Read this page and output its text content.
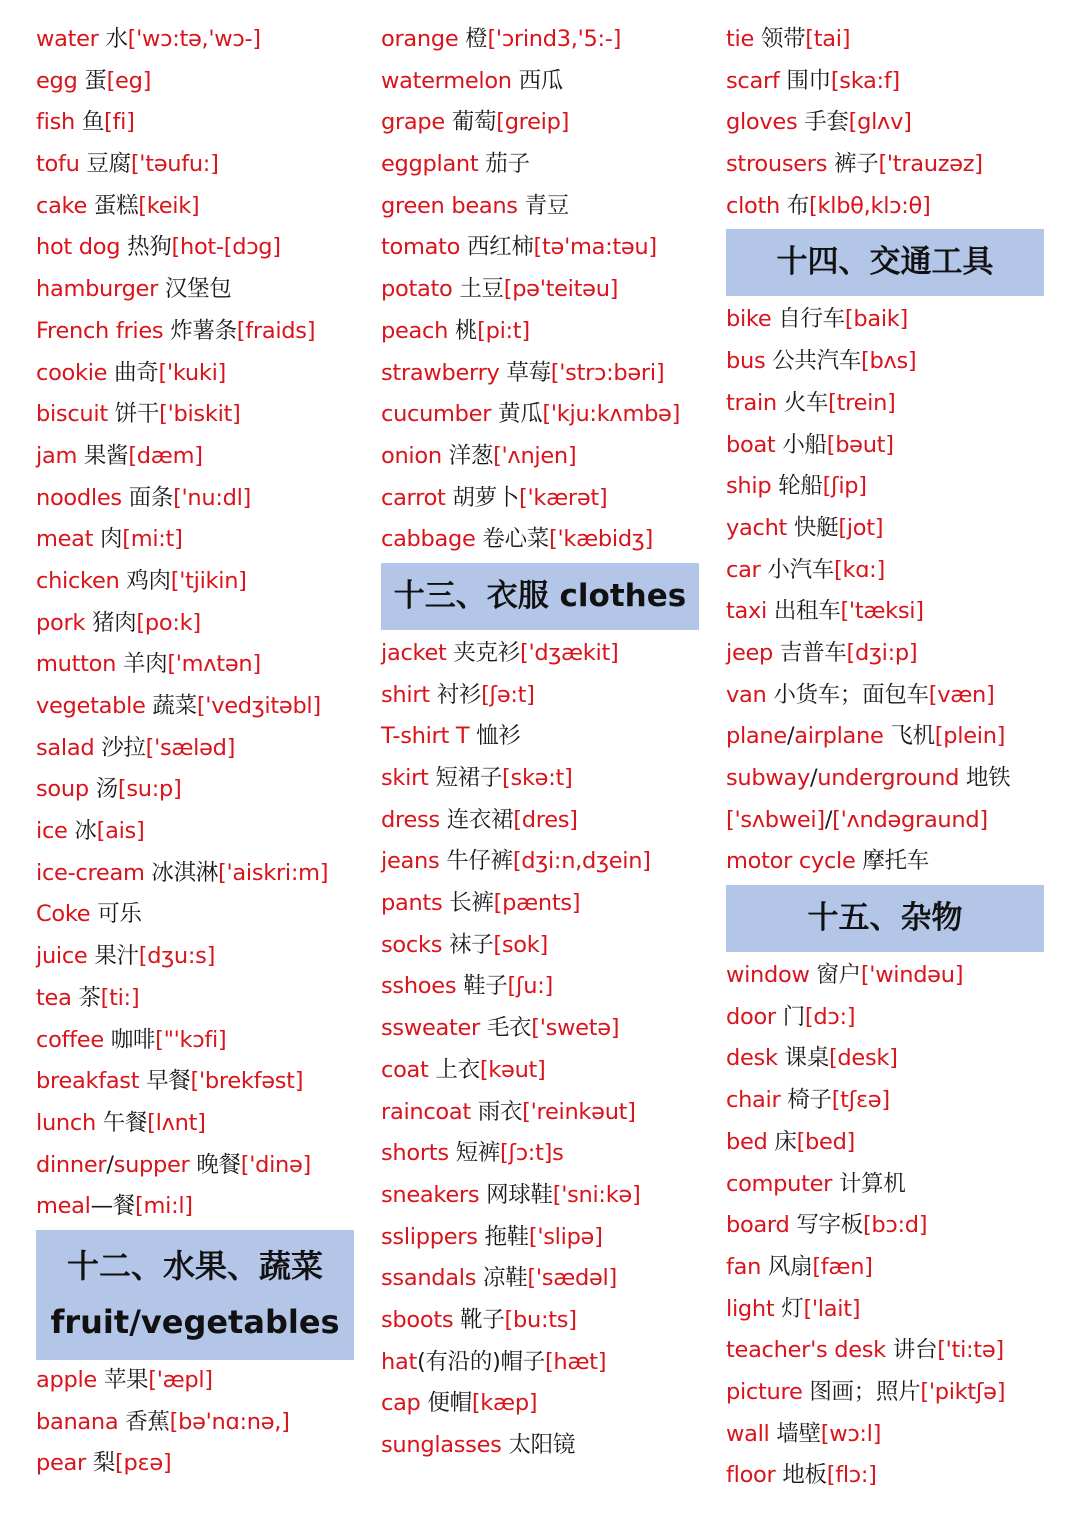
water 水['wɔ:tə,'wɔ-]
egg 蛋[eg]
fish 鱼[fi]
tofu 豆腐['təufu:]
cake 蛋糕[keik]
hot dog 热狗[hot-[dɔg]
hamburger 汉堡包
French fries 炸薯条[fraids]
cookie 曲奇['kuki]
biscuit 饼干['biskit]
jam 果酱[dæm]
noodles 面条['nu:dl]
meat 肉[mi:t]
chicken 鸡肉['tjikin]
pork 猪肉[po:k]
mutton 羊肉['mʌtən]
vegetable 蔬菜['vedʒitəbl]
salad 沙拉['sæləd]
soup 汤[su:p]
ice 冰[ais]
ice-cream 冰淇淋['aiskri:m]
Coke 可乐
juice 果汁[dʒu:s]
tea 茶[ti:]
coffee 咖啡["'kɔfi]
breakfast 早餐['brekfəst]
lunch 午餐[lʌnt]
dinner/supper 晚餐['dinə]
meal—餐[mi:l]
十二、水果、蔬菜
fruit/vegetables
apple 苹果['æpl]
banana 香蕉[bə'nɑ:nə,]
pear 梨[pɛə]
orange 橙['ɔrind3,'5:-]
watermelon 西瓜
grape 葡萄[greip]
eggplant 茄子
green beans 青豆
tomato 西红柿[tə'ma:təu]
potato 土豆[pə'teitəu]
peach 桃[pi:t]
strawberry 草莓['strɔ:bəri]
cucumber 黄瓜['kju:kʌmbə]
onion 洋葱['ʌnjen]
carrot 胡萝卜['kærət]
cabbage 卷心菜['kæbidʒ]
十三、衣服 clothes
jacket 夹克衫['dʒækit]
shirt 衬衫[ʃə:t]
T-shirt T 恤衫
skirt 短裙子[skə:t]
dress 连衣裙[dres]
jeans 牛仔裤[dʒi:n,dʒein]
pants 长裤[pænts]
socks 袜子[sok]
sshoes 鞋子[ʃu:]
ssweater 毛衣['swetə]
coat 上衣[kəut]
raincoat 雨衣['reinkəut]
shorts 短裤[ʃɔ:t]s
sneakers 网球鞋['sni:kə]
sslippers 拖鞋['slipə]
ssandals 凉鞋['sædəl]
sboots 靴子[bu:ts]
hat(有沿的)帽子[hæt]
cap 便帽[kæp]
sunglasses 太阳镜
tie 领带[tai]
scarf 围巾[ska:f]
gloves 手套[glʌv]
strousers 裤子['trauzəz]
cloth 布[klbθ,klɔ:θ]
十四、交通工具
bike 自行车[baik]
bus 公共汽车[bʌs]
train 火车[trein]
boat 小船[bəut]
ship 轮船[ʃip]
yacht 快艇[jot]
car 小汽车[kɑ:]
taxi 出租车['tæksi]
jeep 吉普车[dʒi:p]
van 小货车；面包车[væn]
plane/airplane 飞机[plein]
subway/underground 地铁
['sʌbwei]/['ʌndəgraund]
motor cycle 摩托车
十五、杂物
window 窗户['windəu]
door 门[dɔ:]
desk 课桌[desk]
chair 椅子[tʃɛə]
bed 床[bed]
computer 计算机
board 写字板[bɔ:d]
fan 风扇[fæn]
light 灯['lait]
teacher's desk 讲台['ti:tə]
picture 图画；照片['piktʃə]
wall 墙壁[wɔ:l]
floor 地板[flɔ:]
